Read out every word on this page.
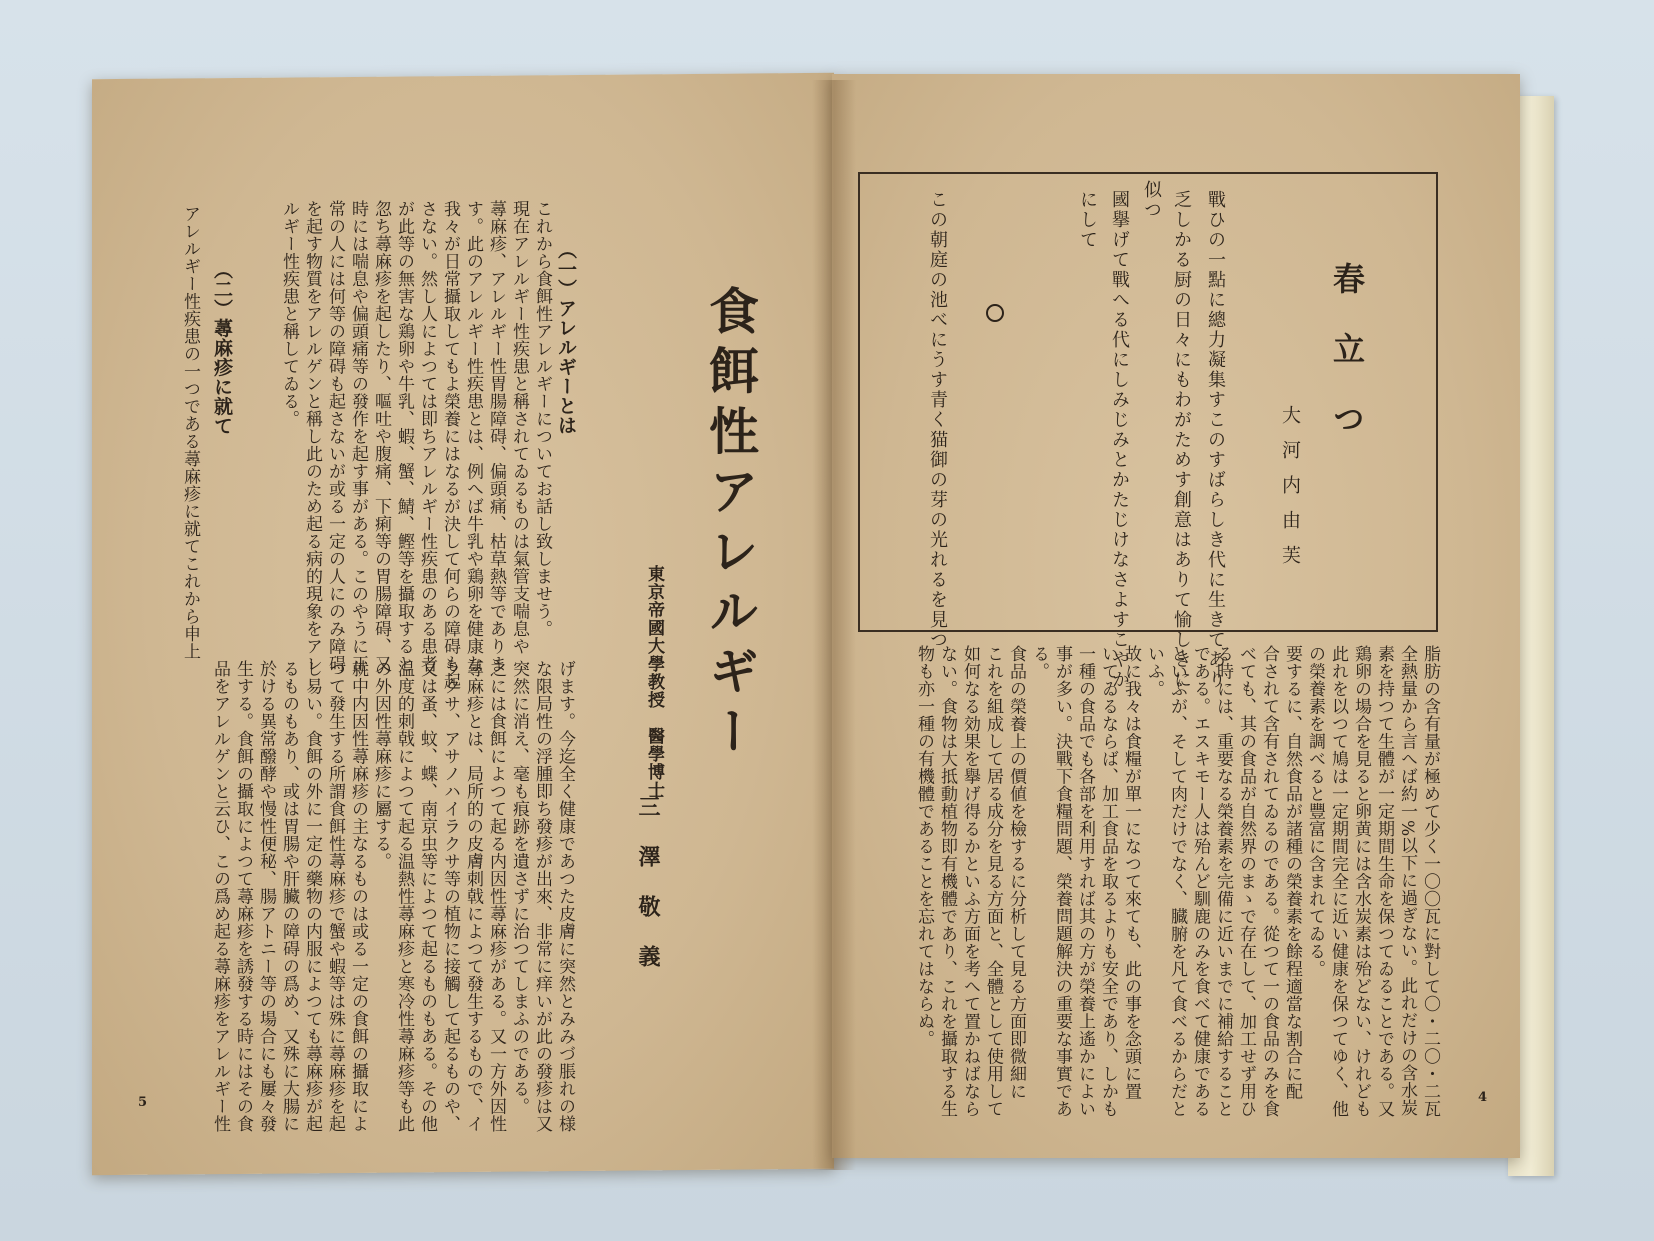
食餌性アレルギー
東京帝國大學教授　醫學博士
三澤敬義
（一）アレルギーとは
これから食餌性アレルギーについてお話し致しませう。
現在アレルギー性疾患と稱されてゐるものは氣管支喘息や
蕁麻疹、アレルギー性胃腸障碍、偏頭痛、枯草熱等でありま
す。此のアレルギー性疾患とは、例へば牛乳や鶏卵を健康な
我々が日常攝取してもよ榮養にはなるが決して何らの障碍も起
さない。然し人によつては即ちアレルギー性疾患のある患者
が此等の無害な鶏卵や牛乳、蝦、蟹、鯖、鰹等を攝取すると
忽ち蕁麻疹を起したり、嘔吐や腹痛、下痢等の胃腸障碍、又
時には喘息や偏頭痛等の發作を起す事がある。このやうに正
常の人には何等の障碍も起さないが或る一定の人にのみ障碍
を起す物質をアレルゲンと稱し此のため起る病的現象をアレ
ルギー性疾患と稱してゐる。
（二）蕁麻疹に就て
アレルギー性疾患の一つである蕁麻疹に就てこれから申上
げます。今迄全く健康であつた皮膚に突然とみみづ脹れの様
な限局性の浮腫即ち發疹が出來、非常に痒いが此の發疹は又
突然に消え、毫も痕跡を遺さずに治つてしまふのである。
之には食餌によつて起る内因性蕁麻疹がある。又一方外因性
蕁麻疹とは、局所的の皮膚刺戟によつて發生するもので、イ
ラクサ、アサノハイラクサ等の植物に接觸して起るものや、
又は蚤、蚊、蝶、南京虫等によつて起るものもある。その他
温度的刺戟によつて起る温熱性蕁麻疹と寒冷性蕁麻疹等も此
の外因性蕁麻疹に屬する。
就中内因性蕁麻疹の主なるものは或る一定の食餌の攝取によ
つて發生する所謂食餌性蕁麻疹で蟹や蝦等は殊に蕁麻疹を起
し易い。食餌の外に一定の藥物の内服によつても蕁麻疹が起
るものもあり、或は胃腸や肝臟の障碍の爲め、又殊に大腸に
於ける異常醱酵や慢性便秘、腸アトニー等の場合にも屢々發
生する。食餌の攝取によつて蕁麻疹を誘發する時にはその食
品をアレルゲンと云ひ、この爲め起る蕁麻疹をアレルギー性
5
春立つ
大河内由芙
戰ひの一點に總力凝集すこのすばらしき代に生きてあり
乏しかる厨の日々にもわがためす創意はありて愉しきに
似つ
國擧げて戰へる代にしみじみとかたじけなさよすこやか
にして
この朝庭の池べにうす青く猫御の芽の光れるを見つ
脂肪の含有量が極めて少く一〇〇瓦に對して〇・二〇・二瓦
全熱量から言へば約一%以下に過ぎない。此れだけの含水炭
素を持つて生體が一定期間生命を保つてゐることである。又
鶏卵の場合を見ると卵黄には含水炭素は殆どない、けれども
此れを以つて鳩は一定期間完全に近い健康を保つてゆく、他
の榮養素を調べると豐富に含まれてゐる。
要するに、自然食品が諸種の榮養素を餘程適當な割合に配
合されて含有されてゐるのである。從つて一の食品のみを食
べても、其の食品が自然界のまゝで存在して、加工せず用ひ
る時には、重要なる榮養素を完備に近いまでに補給すること
である。エスキモー人は殆んど馴鹿のみを食べて健康である
といふが、そして肉だけでなく、臓腑を凡て食べるからだと
いふ。
故に我々は食糧が單一になつて來ても、此の事を念頭に置
いてゐるならば、加工食品を取るよりも安全であり、しかも
一種の食品でも各部を利用すれば其の方が榮養上遙かによい
事が多い。決戰下食糧問題、榮養問題解決の重要な事實であ
る。
食品の榮養上の價値を檢するに分析して見る方面即微細に
これを組成して居る成分を見る方面と、全體として使用して
如何なる効果を擧げ得るかといふ方面を考へて置かねばなら
ない。食物は大抵動植物即有機體であり、これを攝取する生
物も亦一種の有機體であることを忘れてはならぬ。
4
